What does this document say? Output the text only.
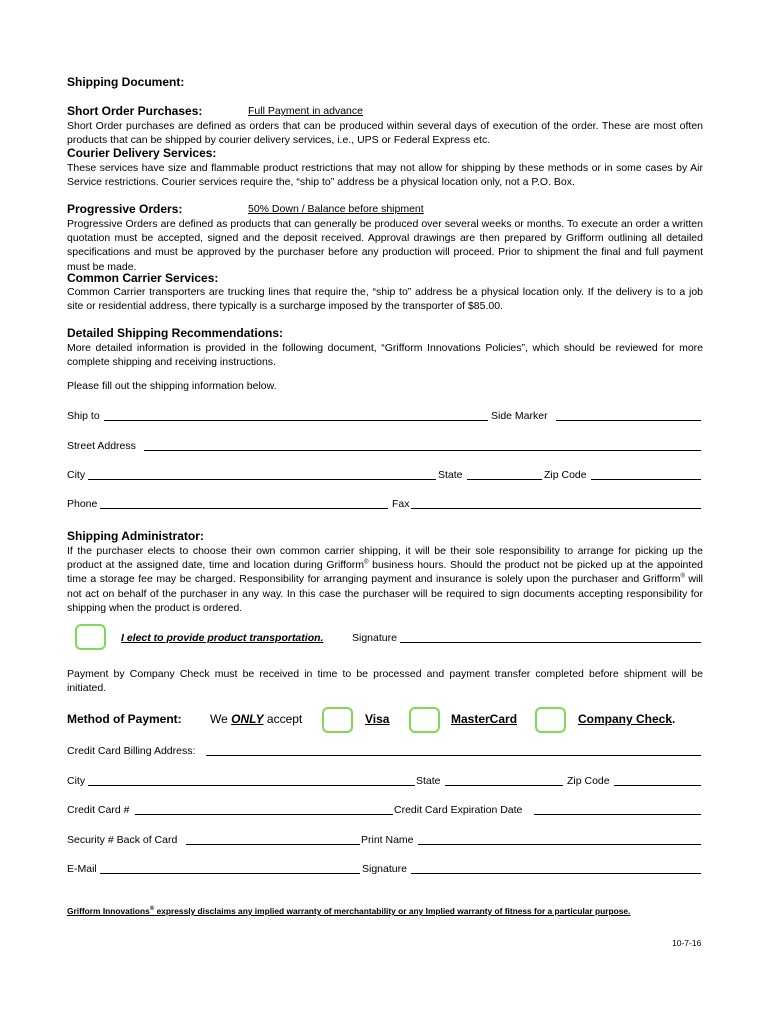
Shipping Document:
Short Order Purchases:	Full Payment in advance
Short Order purchases are defined as orders that can be produced within several days of execution of the order. These are most often products that can be shipped by courier delivery services, i.e., UPS or Federal Express etc.
Courier Delivery Services:
These services have size and flammable product restrictions that may not allow for shipping by these methods or in some cases by Air Service restrictions. Courier services require the, “ship to” address be a physical location only, not a P.O. Box.
Progressive Orders:	50% Down / Balance before shipment
Progressive Orders are defined as products that can generally be produced over several weeks or months. To execute an order a written quotation must be accepted, signed and the deposit received. Approval drawings are then prepared by Grifform outlining all detailed specifications and must be approved by the purchaser before any production will proceed. Prior to shipment the final and full payment must be made.
Common Carrier Services:
Common Carrier transporters are trucking lines that require the, “ship to” address be a physical location only. If the delivery is to a job site or residential address, there typically is a surcharge imposed by the transporter of $85.00.
Detailed Shipping Recommendations:
More detailed information is provided in the following document, “Grifform Innovations Policies”, which should be reviewed for more complete shipping and receiving instructions.
Please fill out the shipping information below.
Ship to	Side Marker
Street Address
City	State	Zip Code
Phone	Fax
Shipping Administrator:
If the purchaser elects to choose their own common carrier shipping, it will be their sole responsibility to arrange for picking up the product at the assigned date, time and location during Grifform® business hours. Should the product not be picked up at the appointed time a storage fee may be charged. Responsibility for arranging payment and insurance is solely upon the purchaser and Grifform® will not act on behalf of the purchaser in any way. In this case the purchaser will be required to sign documents accepting responsibility for shipping when the product is ordered.
I elect to provide product transportation.	Signature
Payment by Company Check must be received in time to be processed and payment transfer completed before shipment will be initiated.
Method of Payment: We ONLY accept	Visa	MasterCard	Company Check.
Credit Card Billing Address:
City	State	Zip Code
Credit Card #	Credit Card Expiration Date
Security # Back of Card	Print Name
E-Mail	Signature
Grifform Innovations® expressly disclaims any implied warranty of merchantability or any Implied warranty of fitness for a particular purpose.
10-7-16
